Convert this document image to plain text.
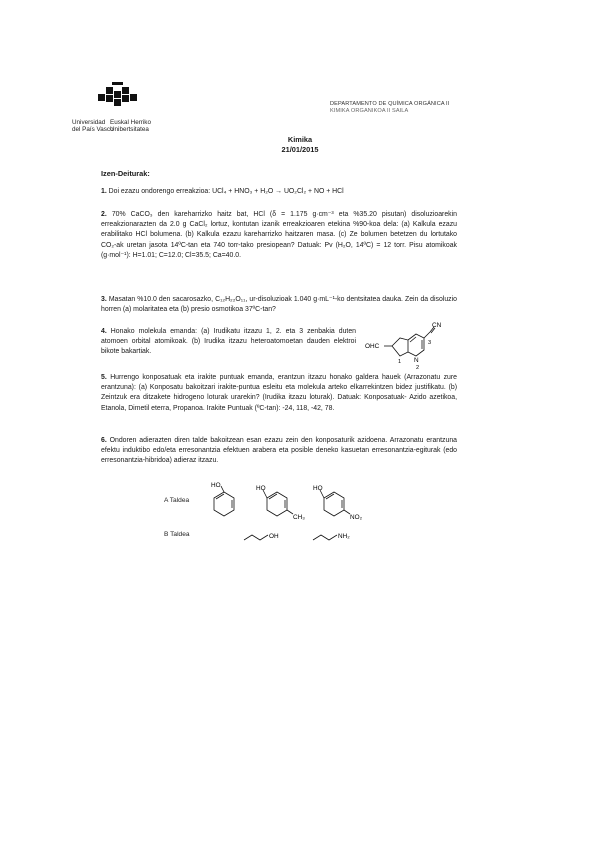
Universidad
del País Vasco
Euskal Herriko
Unibertsitatea
DEPARTAMENTO DE QUÍMICA ORGÁNICA II
KIMIKA ORGANIKOA II SAILA
Kimika
21/01/2015
Izen-Deiturak:
1. Doi ezazu ondorengo erreakzioa: UCl₄ + HNO₃ + H₂O → UO₂Cl₂ + NO + HCl
2. 70% CaCO₃ den kareharrizko haitz bat, HCl (δ = 1.175 g·cm⁻³ eta %35.20 pisutan) disoluzioarekin erreakzionarazten da 2.0 g CaCl₂ lortuz, kontutan izanik erreakzioaren etekina %90-koa dela: (a) Kalkula ezazu erabilitako HCl bolumena. (b) Kalkula ezazu kareharrizko haitzaren masa. (c) Ze bolumen betetzen du lortutako CO₂-ak uretan jasota 14ºC-tan eta 740 torr-tako presiopean? Datuak: Pv (H₂O, 14ºC) = 12 torr. Pisu atomikoak (g·mol⁻¹): H=1.01; C=12.0; Cl=35.5; Ca=40.0.
3. Masatan %10.0 den sacarosazko, C₁₂H₂₂O₁₁, ur-disoluzioak 1.040 g·mL⁻¹-ko dentsitatea dauka. Zein da disoluzio horren (a) molaritatea eta (b) presio osmotikoa 37ºC-tan?
4. Honako molekula emanda: (a) Irudikatu itzazu 1, 2. eta 3 zenbakia duten atomoen orbital atomikoak. (b) Irudika itzazu heteroatomoetan dauden elektroi bikote bakartiak.
OHC
CN
N
1
2
3
5. Hurrengo konposatuak eta irakite puntuak emanda, erantzun itzazu honako galdera hauek (Arrazonatu zure erantzuna): (a) Konposatu bakoitzari irakite-puntua esleitu eta molekula arteko elkarrekintzen bidez justifikatu. (b) Zeintzuk era ditzakete hidrogeno loturak urarekin? (Irudika itzazu loturak). Datuak: Konposatuak- Azido azetikoa, Etanola, Dimetil eterra, Propanoa. Irakite Puntuak (ºC-tan): -24, 118, -42, 78.
6. Ondoren adierazten diren talde bakoitzean esan ezazu zein den konposaturik azidoena. Arrazonatu erantzuna efektu induktibo edo/eta erresonantzia efektuen arabera eta posible deneko kasuetan erresonantzia-egiturak (edo erresonantzia-hibridoa) adieraz itzazu.
A Taldea
HO	HO
CH₃
HO
NO₂
B Taldea	OH	NH₂
